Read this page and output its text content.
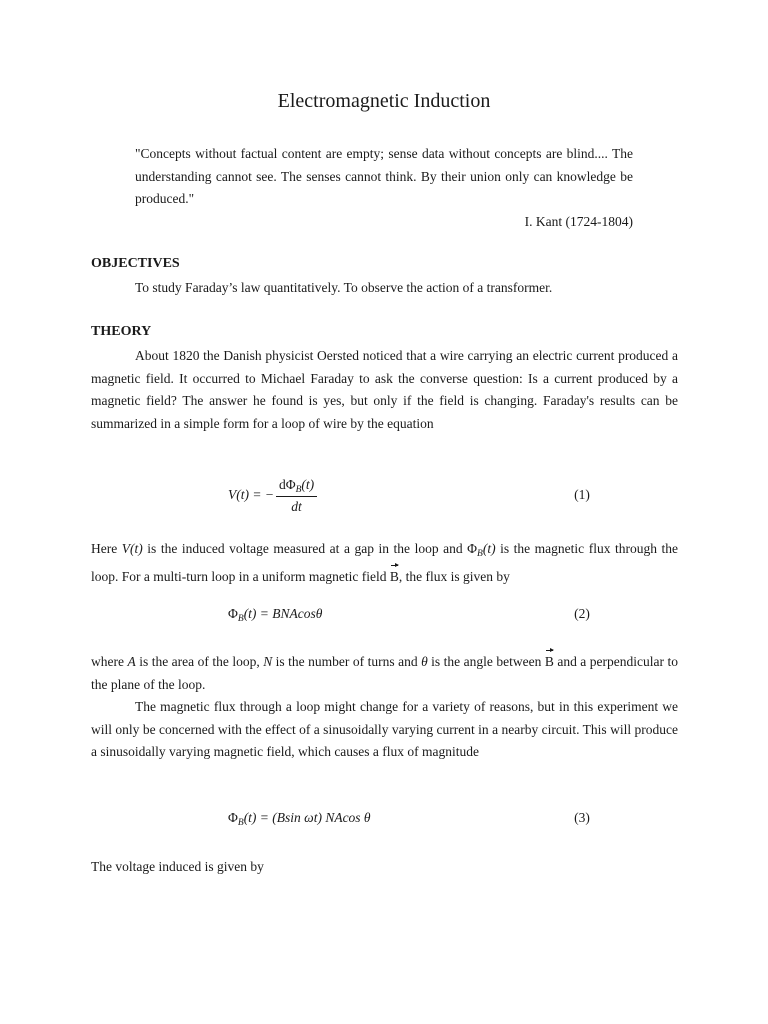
Electromagnetic Induction

"Concepts without factual content are empty; sense data without concepts are blind.... The understanding cannot see. The senses cannot think. By their union only can knowledge be produced."

I. Kant (1724-1804)

OBJECTIVES

To study Faraday’s law quantitatively. To observe the action of a transformer.

THEORY

About 1820 the Danish physicist Oersted noticed that a wire carrying an electric current produced a magnetic field. It occurred to Michael Faraday to ask the converse question: Is a current produced by a magnetic field? The answer he found is yes, but only if the field is changing. Faraday's results can be summarized in a simple form for a loop of wire by the equation

V(t) = − $\frac{d\Phi_B(t)}{dt}$	(1)

Here V(t) is the induced voltage measured at a gap in the loop and $\Phi_B(t)$ is the magnetic flux through the loop. For a multi-turn loop in a uniform magnetic field B, the flux is given by

$\Phi_B(t) = BNAcos\theta$	(2)

where A is the area of the loop, N is the number of turns and θ is the angle between B and a perpendicular to the plane of the loop.

The magnetic flux through a loop might change for a variety of reasons, but in this experiment we will only be concerned with the effect of a sinusoidally varying current in a nearby circuit. This will produce a sinusoidally varying magnetic field, which causes a flux of magnitude

$\Phi_B(t) = (Bsin$ ωt) NAcos θ	(3)

The voltage induced is given by
